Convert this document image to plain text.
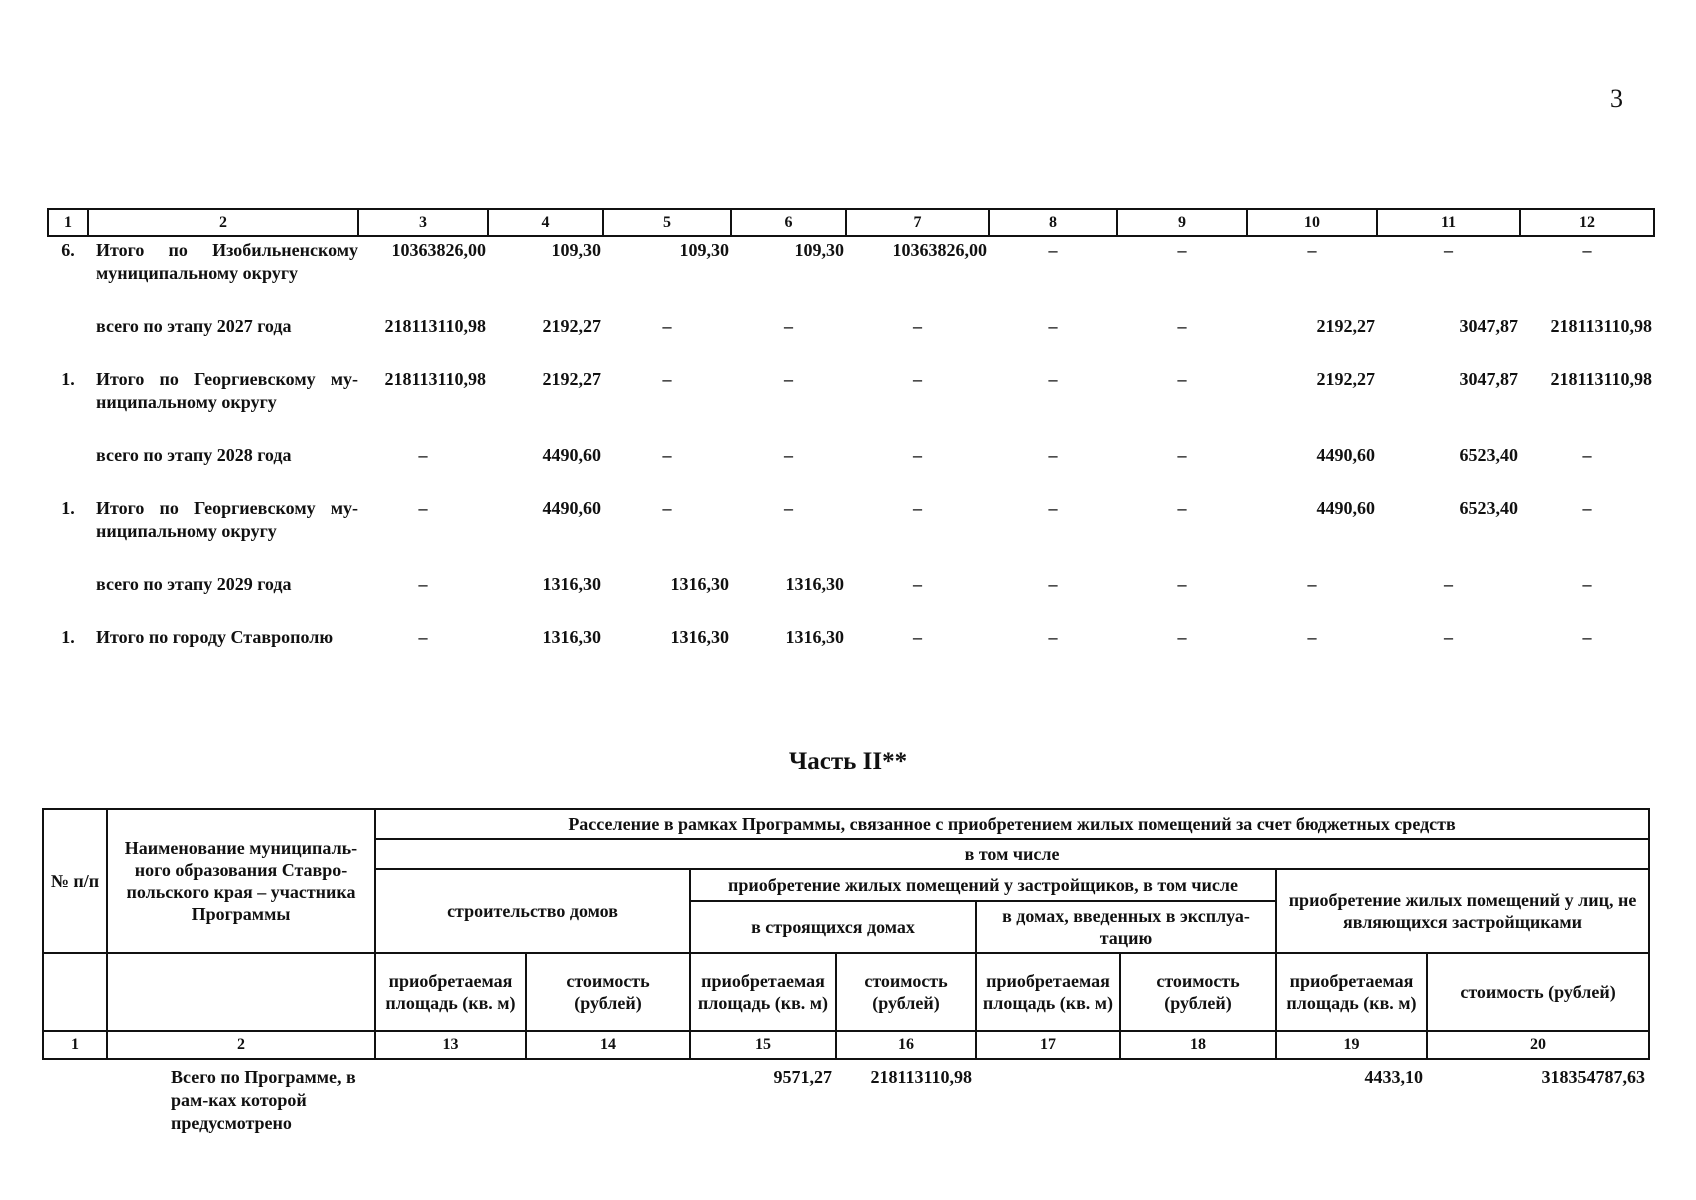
3
1	2	3	4	5	6	7	8	9	10	11	12
6.	Итого по Изобильненскому муниципальному округу	10363826,00	109,30	109,30	109,30	10363826,00	–	–	–	–	–

	всего по этапу 2027 года	218113110,98	2192,27	–	–	–	–	–	2192,27	3047,87	218113110,98

1.	Итого по Георгиевскому му-ниципальному округу	218113110,98	2192,27	–	–	–	–	–	2192,27	3047,87	218113110,98

	всего по этапу 2028 года	–	4490,60	–	–	–	–	–	4490,60	6523,40	–

1.	Итого по Георгиевскому му-ниципальному округу	–	4490,60	–	–	–	–	–	4490,60	6523,40	–

	всего по этапу 2029 года	–	1316,30	1316,30	1316,30	–	–	–	–	–	–

1.	Итого по городу Ставрополю	–	1316,30	1316,30	1316,30	–	–	–	–	–	–
Часть II**
№ п/п	Наименование муниципаль-ного образования Ставро-польского края – участника Программы	Расселение в рамках Программы, связанное с приобретением жилых помещений за счет бюджетных средств							
		в том числе							
		строительство домов		приобретение жилых помещений у застройщиков, в том числе				приобретение жилых помещений у лиц, не являющихся застройщиками	
				в строящихся домах		в домах, введенных в эксплуа-тацию			
		приобретаемая площадь (кв. м)	стоимость (рублей)	приобретаемая площадь (кв. м)	стоимость (рублей)	приобретаемая площадь (кв. м)	стоимость (рублей)	приобретаемая площадь (кв. м)	стоимость (рублей)
1	2	13	14	15	16	17	18	19	20
	Всего по Программе, в рам-ках которой предусмотрено			9571,27	218113110,98			4433,10	318354787,63
